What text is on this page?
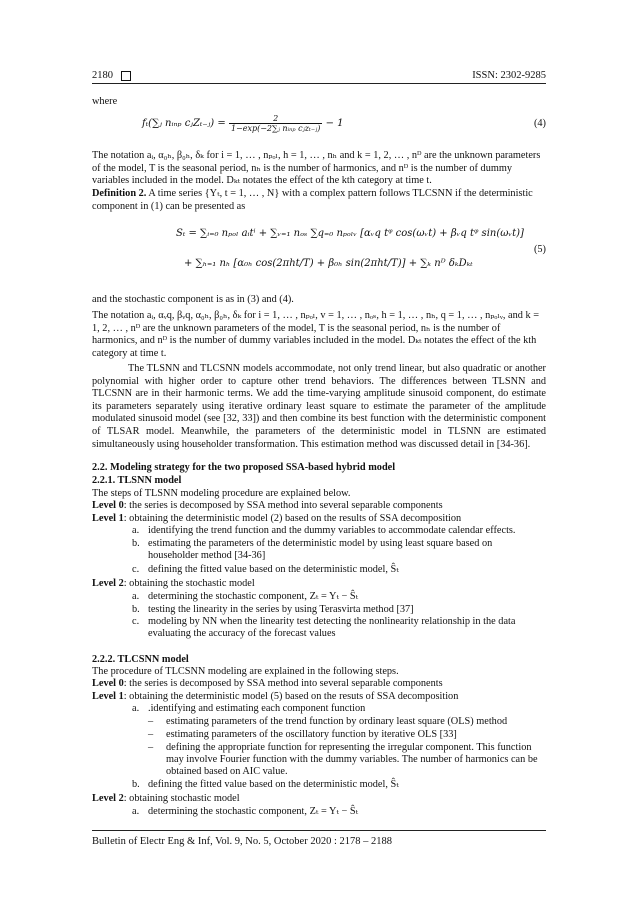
2180	ISSN: 2302-9285
where
fₜ(∑ⱼ nᵢₙₚ cⱼZₜ₋ⱼ) = $\frac{2}{\text{1−exp(−2∑ⱼ nᵢₙₚ cⱼzₜ₋ⱼ)}} - 1$	(4)
The notation aᵢ, α₀ₕ, β₀ₕ, δₖ for i = 1, … , nₚₒₗ, h = 1, … , nₕ and k = 1, 2, … , nᴰ are the unknown parameters
of the model, T is the seasonal period, nₕ is the number of harmonics, and nᴰ is the number of dummy
variables included in the model. Dₖₜ notates the effect of the kth category at time t.
Definition 2. A time series {Yₜ, t = 1, … , N} with a complex pattern follows TLCSNN if the deterministic
component in (1) can be presented as
Sₜ = ∑ᵢ₌₀ nₚₒₗ aᵢtⁱ + ∑ᵥ₌₁ nₒₛ ∑q₌₀ nₚₒₗᵥ [αᵥq tᵠ cos(ωᵥt) + βᵥq tᵠ sin(ωᵥt)]
+ ∑ₕ₌₁ nₕ [α₀ₕ cos(2πht/T) + β₀ₕ sin(2πht/T)] + ∑ₖ nᴰ δₖDₖₜ
(5)
and the stochastic component is as in (3) and (4).
The notation aᵢ, αᵥq, βᵥq, α₀ₕ, β₀ₕ, δₖ for i = 1, … , nₚₒₗ, v = 1, … , nₒₛ, h = 1, … , nₕ, q = 1, … , nₚₒₗᵥ, and k =
1, 2, … , nᴰ are the unknown parameters of the model, T is the seasonal period, nₕ is the number of
harmonics, and nᴰ is the number of dummy variables included in the model. Dₖₜ notates the effect of the kth
category at time t.
The TLSNN and TLCSNN models accommodate, not only trend linear, but also quadratic or another polynomial with higher order to capture other trend behaviors. The differences between TLSNN and TLCSNN are in their harmonic terms. We add the time-varying amplitude sinusoid component, do estimate its parameters separately using iterative ordinary least square to estimate the parameter of the amplitude modulated sinusoid model (see [32, 33]) and then combine its best function with the deterministic component of TLSAR model. Meanwhile, the parameters of the deterministic model in TLSNN are estimated simultaneously using householder transformation. This estimation method was discussed detail in [34-36].
2.2. Modeling strategy for the two proposed SSA-based hybrid model
2.2.1. TLSNN model
The steps of TLSNN modeling procedure are explained below.
Level 0: the series is decomposed by SSA method into several separable components
Level 1: obtaining the deterministic model (2) based on the results of SSA decomposition
a. identifying the trend function and the dummy variables to accommodate calendar effects.
b. estimating the parameters of the deterministic model by using least square based on
householder method [34-36]
c. defining the fitted value based on the deterministic model, Ŝₜ
Level 2: obtaining the stochastic model
a. determining the stochastic component, Zₜ = Yₜ − Ŝₜ
b. testing the linearity in the series by using Terasvirta method [37]
c. modeling by NN when the linearity test detecting the nonlinearity relationship in the data
evaluating the accuracy of the forecast values
2.2.2. TLCSNN model
The procedure of TLCSNN modeling are explained in the following steps.
Level 0: the series is decomposed by SSA method into several separable components
Level 1: obtaining the deterministic model (5) based on the resuts of SSA decomposition
a. .identifying and estimating each component function
– estimating parameters of the trend function by ordinary least square (OLS) method
– estimating parameters of the oscillatory function by iterative OLS [33]
– defining the appropriate function for representing the irregular component. This function
may involve Fourier function with the dummy variables. The number of harmonics can be
obtained based on AIC value.
b. defining the fitted value based on the deterministic model, Ŝₜ
Level 2: obtaining stochastic model
a. determining the stochastic component, Zₜ = Yₜ − Ŝₜ
Bulletin of Electr Eng & Inf, Vol. 9, No. 5, October 2020 : 2178 – 2188
